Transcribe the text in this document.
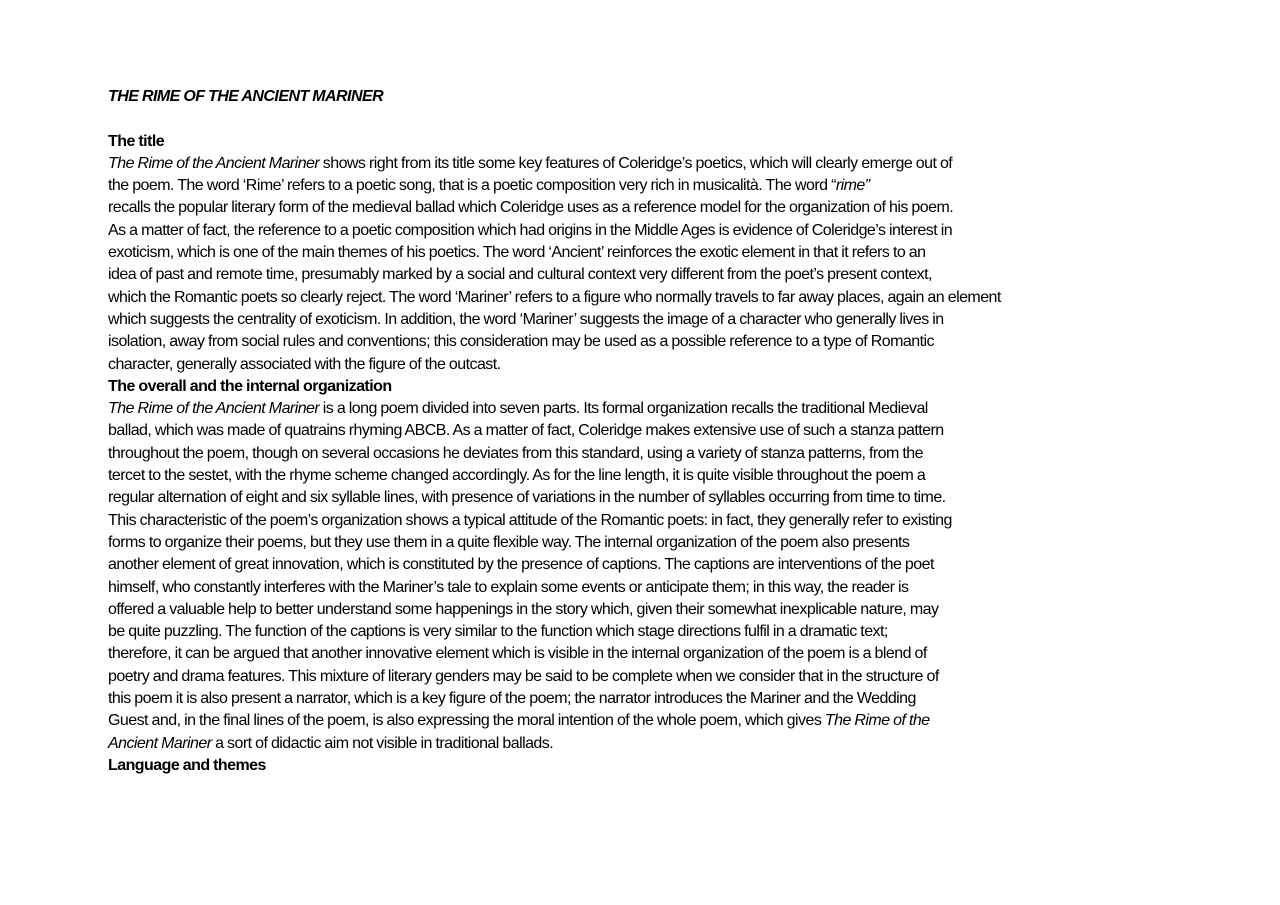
THE RIME OF THE ANCIENT MARINER
The title
The Rime of the Ancient Mariner shows right from its title some key features of Coleridge’s poetics, which will clearly emerge out of
the poem. The word ‘Rime’ refers to a poetic song, that is a poetic composition very rich in musicalità. The word “rime”
recalls the popular literary form of the medieval ballad which Coleridge uses as a reference model for the organization of his poem.
As a matter of fact, the reference to a poetic composition which had origins in the Middle Ages is evidence of Coleridge’s interest in
exoticism, which is one of the main themes of his poetics. The word ‘Ancient’ reinforces the exotic element in that it refers to an
idea of past and remote time, presumably marked by a social and cultural context very different from the poet’s present context,
which the Romantic poets so clearly reject. The word ‘Mariner’ refers to a figure who normally travels to far away places, again an element
which suggests the centrality of exoticism. In addition, the word ‘Mariner’ suggests the image of a character who generally lives in
isolation, away from social rules and conventions; this consideration may be used as a possible reference to a type of Romantic
character, generally associated with the figure of the outcast.
The overall and the internal organization
The Rime of the Ancient Mariner is a long poem divided into seven parts. Its formal organization recalls the traditional Medieval
ballad, which was made of quatrains rhyming ABCB. As a matter of fact, Coleridge makes extensive use of such a stanza pattern
throughout the poem, though on several occasions he deviates from this standard, using a variety of stanza patterns, from the
tercet to the sestet, with the rhyme scheme changed accordingly. As for the line length, it is quite visible throughout the poem a
regular alternation of eight and six syllable lines, with presence of variations in the number of syllables occurring from time to time.
This characteristic of the poem’s organization shows a typical attitude of the Romantic poets: in fact, they generally refer to existing
forms to organize their poems, but they use them in a quite flexible way. The internal organization of the poem also presents
another element of great innovation, which is constituted by the presence of captions. The captions are interventions of the poet
himself, who constantly interferes with the Mariner’s tale to explain some events or anticipate them; in this way, the reader is
offered a valuable help to better understand some happenings in the story which, given their somewhat inexplicable nature, may
be quite puzzling. The function of the captions is very similar to the function which stage directions fulfil in a dramatic text;
therefore, it can be argued that another innovative element which is visible in the internal organization of the poem is a blend of
poetry and drama features. This mixture of literary genders may be said to be complete when we consider that in the structure of
this poem it is also present a narrator, which is a key figure of the poem; the narrator introduces the Mariner and the Wedding
Guest and, in the final lines of the poem, is also expressing the moral intention of the whole poem, which gives The Rime of the
Ancient Mariner a sort of didactic aim not visible in traditional ballads.
Language and themes
